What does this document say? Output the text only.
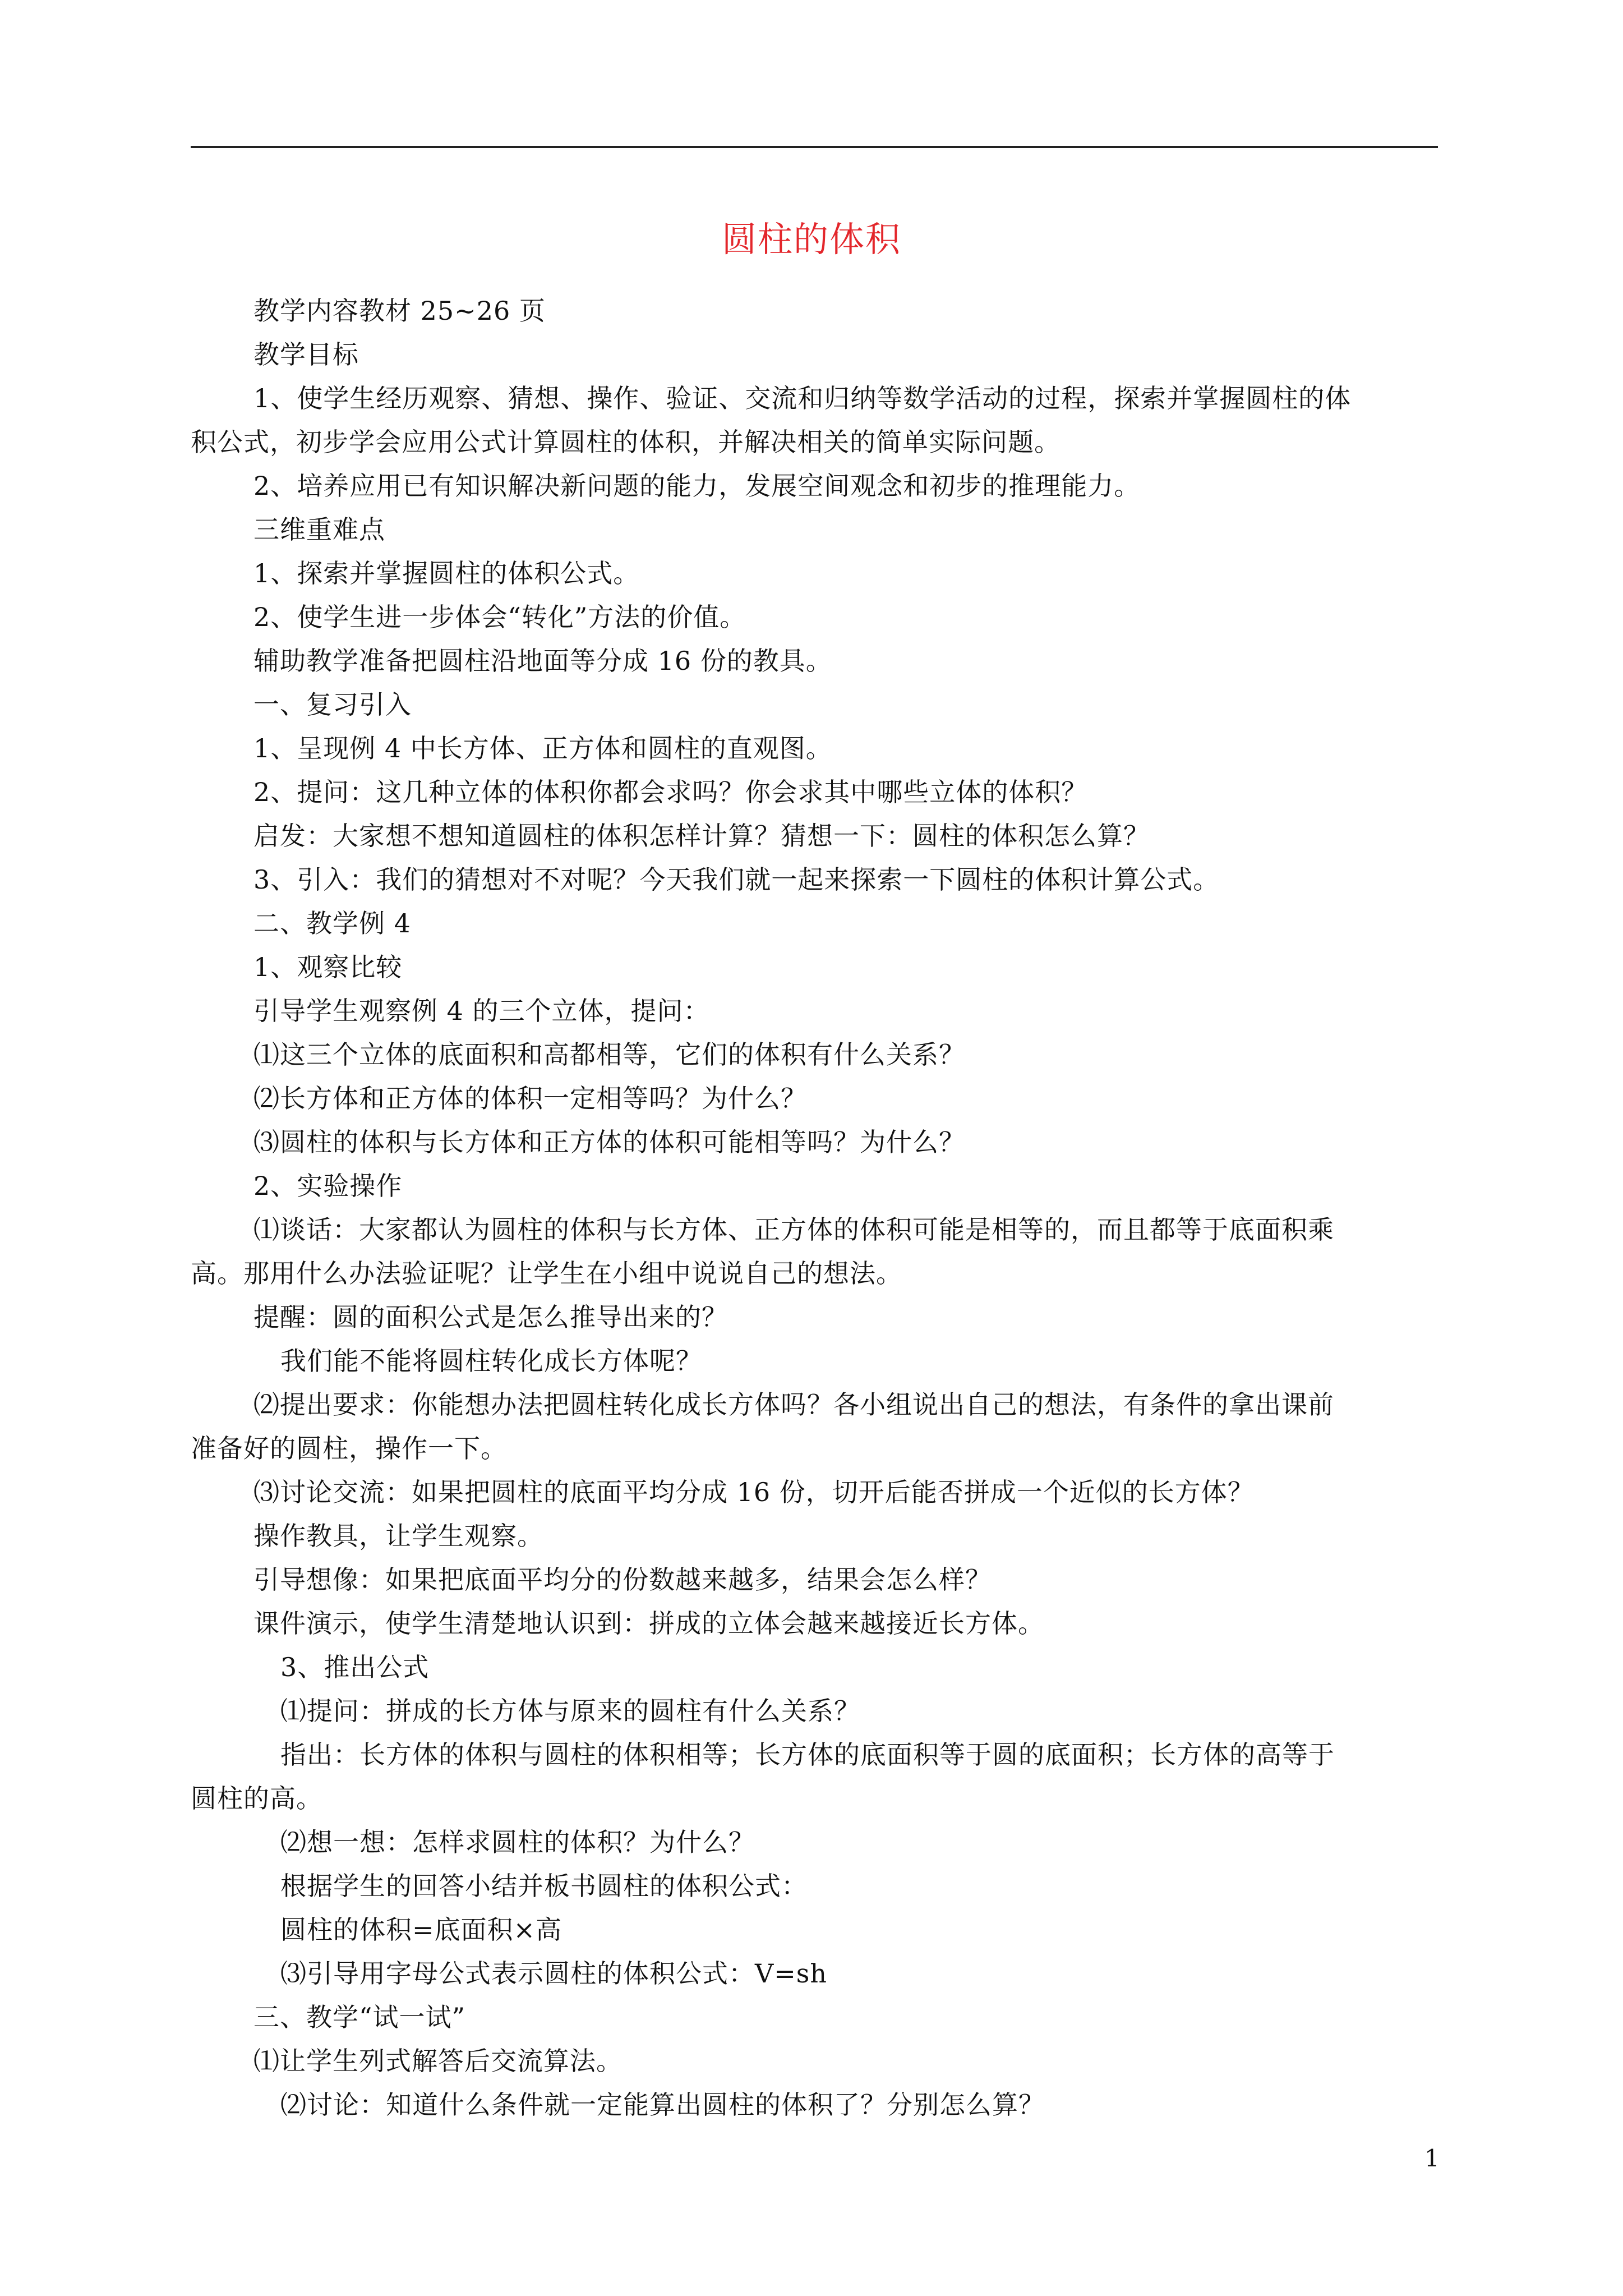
圆柱的体积
教学内容教材 25~26 页
教学目标
1、使学生经历观察、猜想、操作、验证、交流和归纳等数学活动的过程，探索并掌握圆柱的体
积公式，初步学会应用公式计算圆柱的体积，并解决相关的简单实际问题。
2、培养应用已有知识解决新问题的能力，发展空间观念和初步的推理能力。
三维重难点
1、探索并掌握圆柱的体积公式。
2、使学生进一步体会“转化”方法的价值。
辅助教学准备把圆柱沿地面等分成 16 份的教具。
一、复习引入
1、呈现例 4 中长方体、正方体和圆柱的直观图。
2、提问：这几种立体的体积你都会求吗？你会求其中哪些立体的体积？
启发：大家想不想知道圆柱的体积怎样计算？猜想一下：圆柱的体积怎么算？
3、引入：我们的猜想对不对呢？今天我们就一起来探索一下圆柱的体积计算公式。
二、教学例 4
1、观察比较
引导学生观察例 4 的三个立体，提问：
⑴这三个立体的底面积和高都相等，它们的体积有什么关系？
⑵长方体和正方体的体积一定相等吗？为什么？
⑶圆柱的体积与长方体和正方体的体积可能相等吗？为什么？
2、实验操作
⑴谈话：大家都认为圆柱的体积与长方体、正方体的体积可能是相等的，而且都等于底面积乘
高。那用什么办法验证呢？让学生在小组中说说自己的想法。
提醒：圆的面积公式是怎么推导出来的？
我们能不能将圆柱转化成长方体呢？
⑵提出要求：你能想办法把圆柱转化成长方体吗？各小组说出自己的想法，有条件的拿出课前
准备好的圆柱，操作一下。
⑶讨论交流：如果把圆柱的底面平均分成 16 份，切开后能否拼成一个近似的长方体？
操作教具，让学生观察。
引导想像：如果把底面平均分的份数越来越多，结果会怎么样？
课件演示，使学生清楚地认识到：拼成的立体会越来越接近长方体。
3、推出公式
⑴提问：拼成的长方体与原来的圆柱有什么关系？
指出：长方体的体积与圆柱的体积相等；长方体的底面积等于圆的底面积；长方体的高等于
圆柱的高。
⑵想一想：怎样求圆柱的体积？为什么？
根据学生的回答小结并板书圆柱的体积公式：
圆柱的体积=底面积×高
⑶引导用字母公式表示圆柱的体积公式：V=sh
三、教学“试一试”
⑴让学生列式解答后交流算法。
⑵讨论：知道什么条件就一定能算出圆柱的体积了？分别怎么算？
1
